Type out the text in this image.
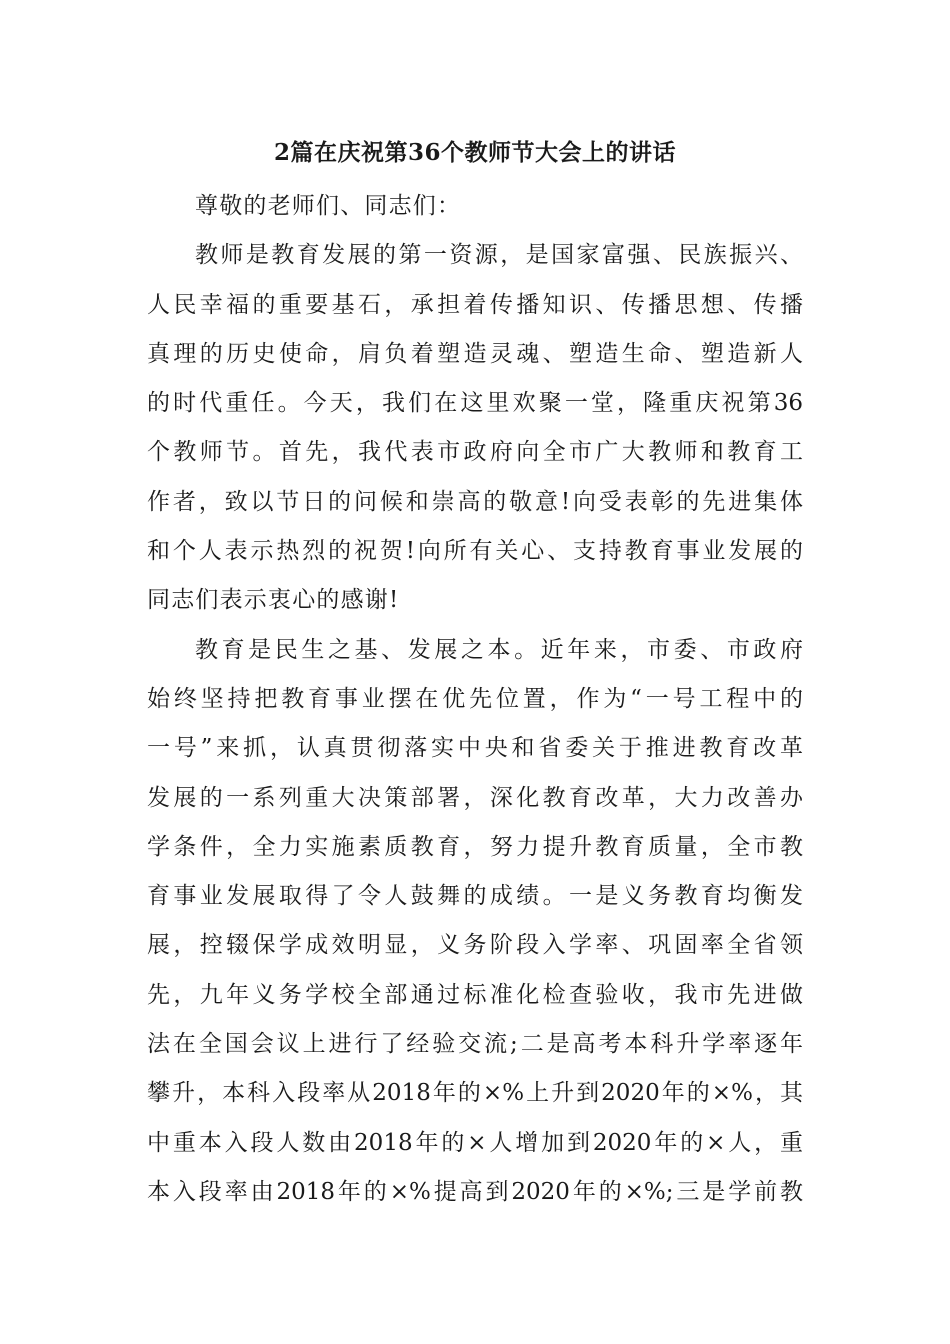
2篇在庆祝第36个教师节大会上的讲话
尊敬的老师们、同志们：
教师是教育发展的第一资源，是国家富强、民族振兴、
人民幸福的重要基石，承担着传播知识、传播思想、传播
真理的历史使命，肩负着塑造灵魂、塑造生命、塑造新人
的时代重任。今天，我们在这里欢聚一堂，隆重庆祝第36
个教师节。首先，我代表市政府向全市广大教师和教育工
作者，致以节日的问候和崇高的敬意!向受表彰的先进集体
和个人表示热烈的祝贺!向所有关心、支持教育事业发展的
同志们表示衷心的感谢!
教育是民生之基、发展之本。近年来，市委、市政府
始终坚持把教育事业摆在优先位置，作为“一号工程中的
一号”来抓，认真贯彻落实中央和省委关于推进教育改革
发展的一系列重大决策部署，深化教育改革，大力改善办
学条件，全力实施素质教育，努力提升教育质量，全市教
育事业发展取得了令人鼓舞的成绩。一是义务教育均衡发
展，控辍保学成效明显，义务阶段入学率、巩固率全省领
先，九年义务学校全部通过标准化检查验收，我市先进做
法在全国会议上进行了经验交流;二是高考本科升学率逐年
攀升，本科入段率从2018年的×%上升到2020年的×%，其
中重本入段人数由2018年的×人增加到2020年的×人，重
本入段率由2018年的×%提高到2020年的×%;三是学前教
